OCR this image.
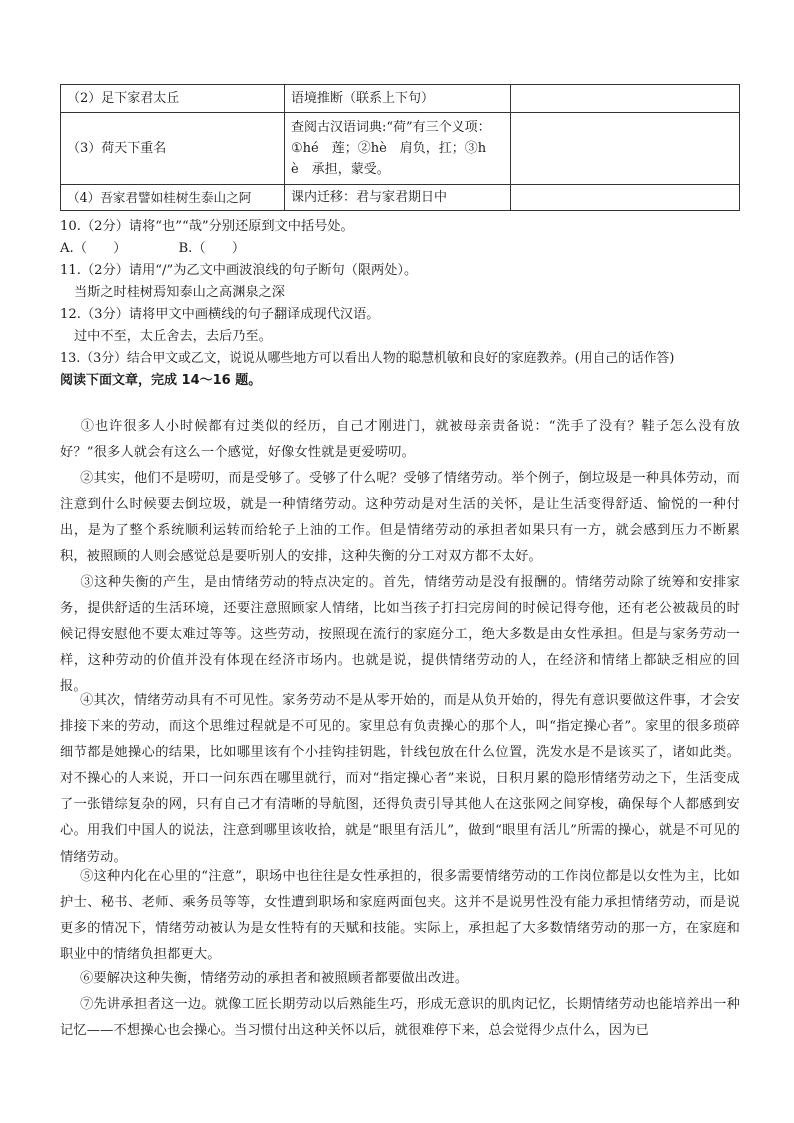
（2）足下家君太丘	语境推断（联系上下句）	
（3）荷天下重名	查阅古汉语词典:“荷”有三个义项：
①hé　莲；②hè　肩负，扛；③h
è　承担，蒙受。	

（4）吾家君譬如桂树生泰山之阿	课内迁移：君与家君期日中	
10.（2分）请将“也”“哉”分别还原到文中括号处。
A.（　　）	B.（　　）
11.（2分）请用“/”为乙文中画波浪线的句子断句（限两处）。
当斯之时桂树焉知泰山之高渊泉之深
12.（3分）请将甲文中画横线的句子翻译成现代汉语。
过中不至，太丘舍去，去后乃至。
13.（3分）结合甲文或乙文，说说从哪些地方可以看出人物的聪慧机敏和良好的家庭教养。(用自己的话作答)
阅读下面文章，完成 14～16 题。
①也许很多人小时候都有过类似的经历，自己才刚进门，就被母亲责备说：“洗手了没有？鞋子怎么没有放好？”很多人就会有这么一个感觉，好像女性就是更爱唠叨。
②其实，他们不是唠叨，而是受够了。受够了什么呢？受够了情绪劳动。举个例子，倒垃圾是一种具体劳动，而注意到什么时候要去倒垃圾，就是一种情绪劳动。这种劳动是对生活的关怀，是让生活变得舒适、愉悦的一种付出，是为了整个系统顺利运转而给轮子上油的工作。但是情绪劳动的承担者如果只有一方，就会感到压力不断累积，被照顾的人则会感觉总是要听别人的安排，这种失衡的分工对双方都不太好。
③这种失衡的产生，是由情绪劳动的特点决定的。首先，情绪劳动是没有报酬的。情绪劳动除了统筹和安排家务，提供舒适的生活环境，还要注意照顾家人情绪，比如当孩子打扫完房间的时候记得夸他，还有老公被裁员的时候记得安慰他不要太难过等等。这些劳动，按照现在流行的家庭分工，绝大多数是由女性承担。但是与家务劳动一样，这种劳动的价值并没有体现在经济市场内。也就是说，提供情绪劳动的人，在经济和情绪上都缺乏相应的回报。
④其次，情绪劳动具有不可见性。家务劳动不是从零开始的，而是从负开始的，得先有意识要做这件事，才会安排接下来的劳动，而这个思维过程就是不可见的。家里总有负责操心的那个人，叫“指定操心者”。家里的很多琐碎细节都是她操心的结果，比如哪里该有个小挂钩挂钥匙，针线包放在什么位置，洗发水是不是该买了，诸如此类。对不操心的人来说，开口一问东西在哪里就行，而对“指定操心者”来说，日积月累的隐形情绪劳动之下，生活变成了一张错综复杂的网，只有自己才有清晰的导航图，还得负责引导其他人在这张网之间穿梭，确保每个人都感到安心。用我们中国人的说法，注意到哪里该收拾，就是“眼里有活儿”，做到“眼里有活儿”所需的操心，就是不可见的情绪劳动。
⑤这种内化在心里的“注意”，职场中也往往是女性承担的，很多需要情绪劳动的工作岗位都是以女性为主，比如护士、秘书、老师、乘务员等等，女性遭到职场和家庭两面包夹。这并不是说男性没有能力承担情绪劳动，而是说更多的情况下，情绪劳动被认为是女性特有的天赋和技能。实际上，承担起了大多数情绪劳动的那一方，在家庭和职业中的情绪负担都更大。
⑥要解决这种失衡，情绪劳动的承担者和被照顾者都要做出改进。
⑦先讲承担者这一边。就像工匠长期劳动以后熟能生巧，形成无意识的肌肉记忆，长期情绪劳动也能培养出一种记忆——不想操心也会操心。当习惯付出这种关怀以后，就很难停下来，总会觉得少点什么，因为已
